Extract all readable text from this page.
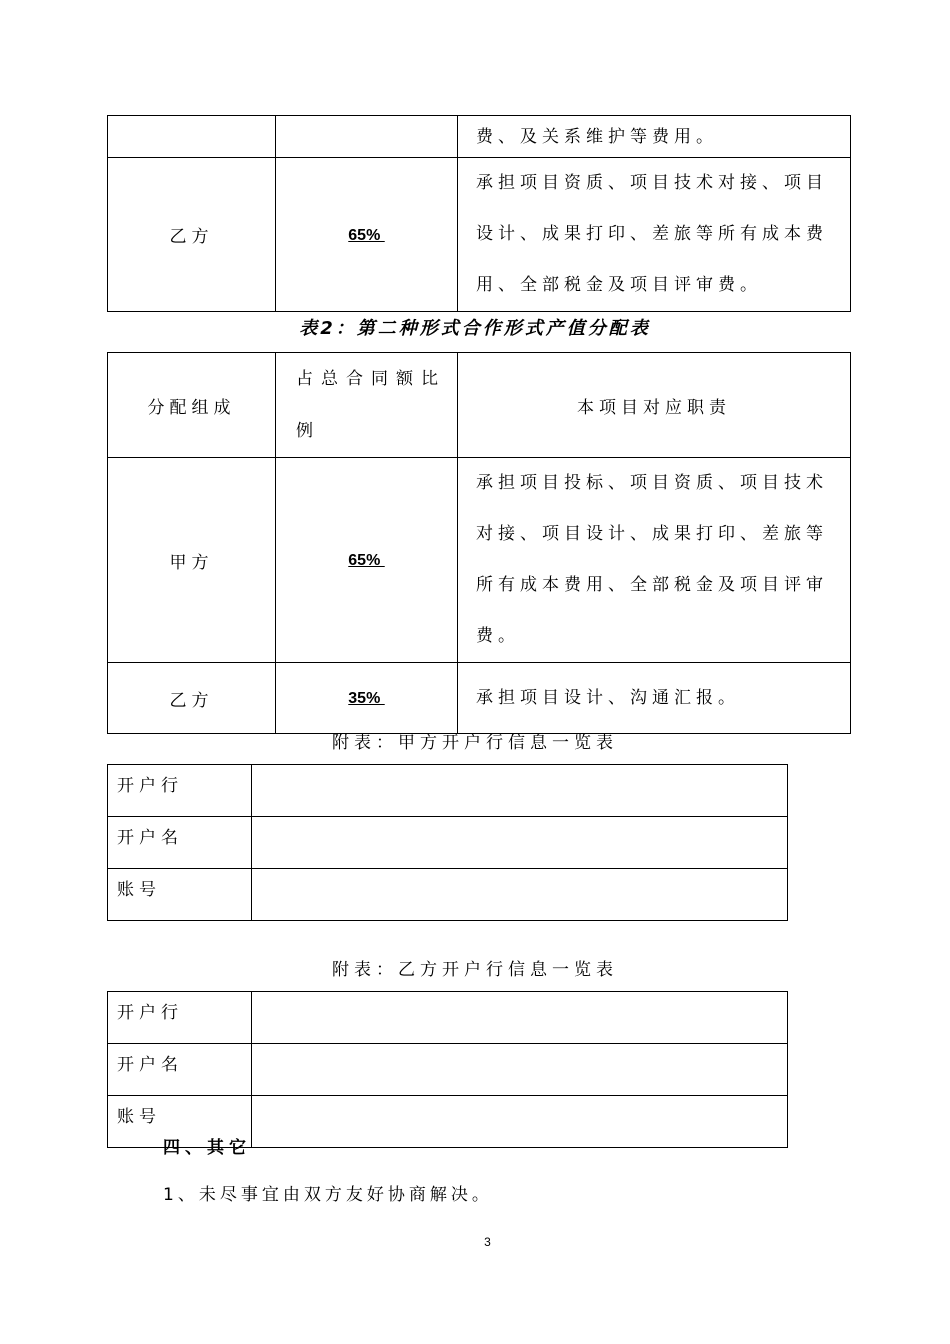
		费、及关系维护等费用。
乙方	65%	承担项目资质、项目技术对接、项目设计、成果打印、差旅等所有成本费用、全部税金及项目评审费。
表2：第二种形式合作形式产值分配表
分配组成	占总合同额比例	本项目对应职责
甲方	65%	承担项目投标、项目资质、项目技术对接、项目设计、成果打印、差旅等所有成本费用、全部税金及项目评审费。
乙方	35%	承担项目设计、沟通汇报。
附表：甲方开户行信息一览表
开户行	
开户名	
账号	
附表：乙方开户行信息一览表
开户行	
开户名	
账号	
四、其它
1、未尽事宜由双方友好协商解决。
3
